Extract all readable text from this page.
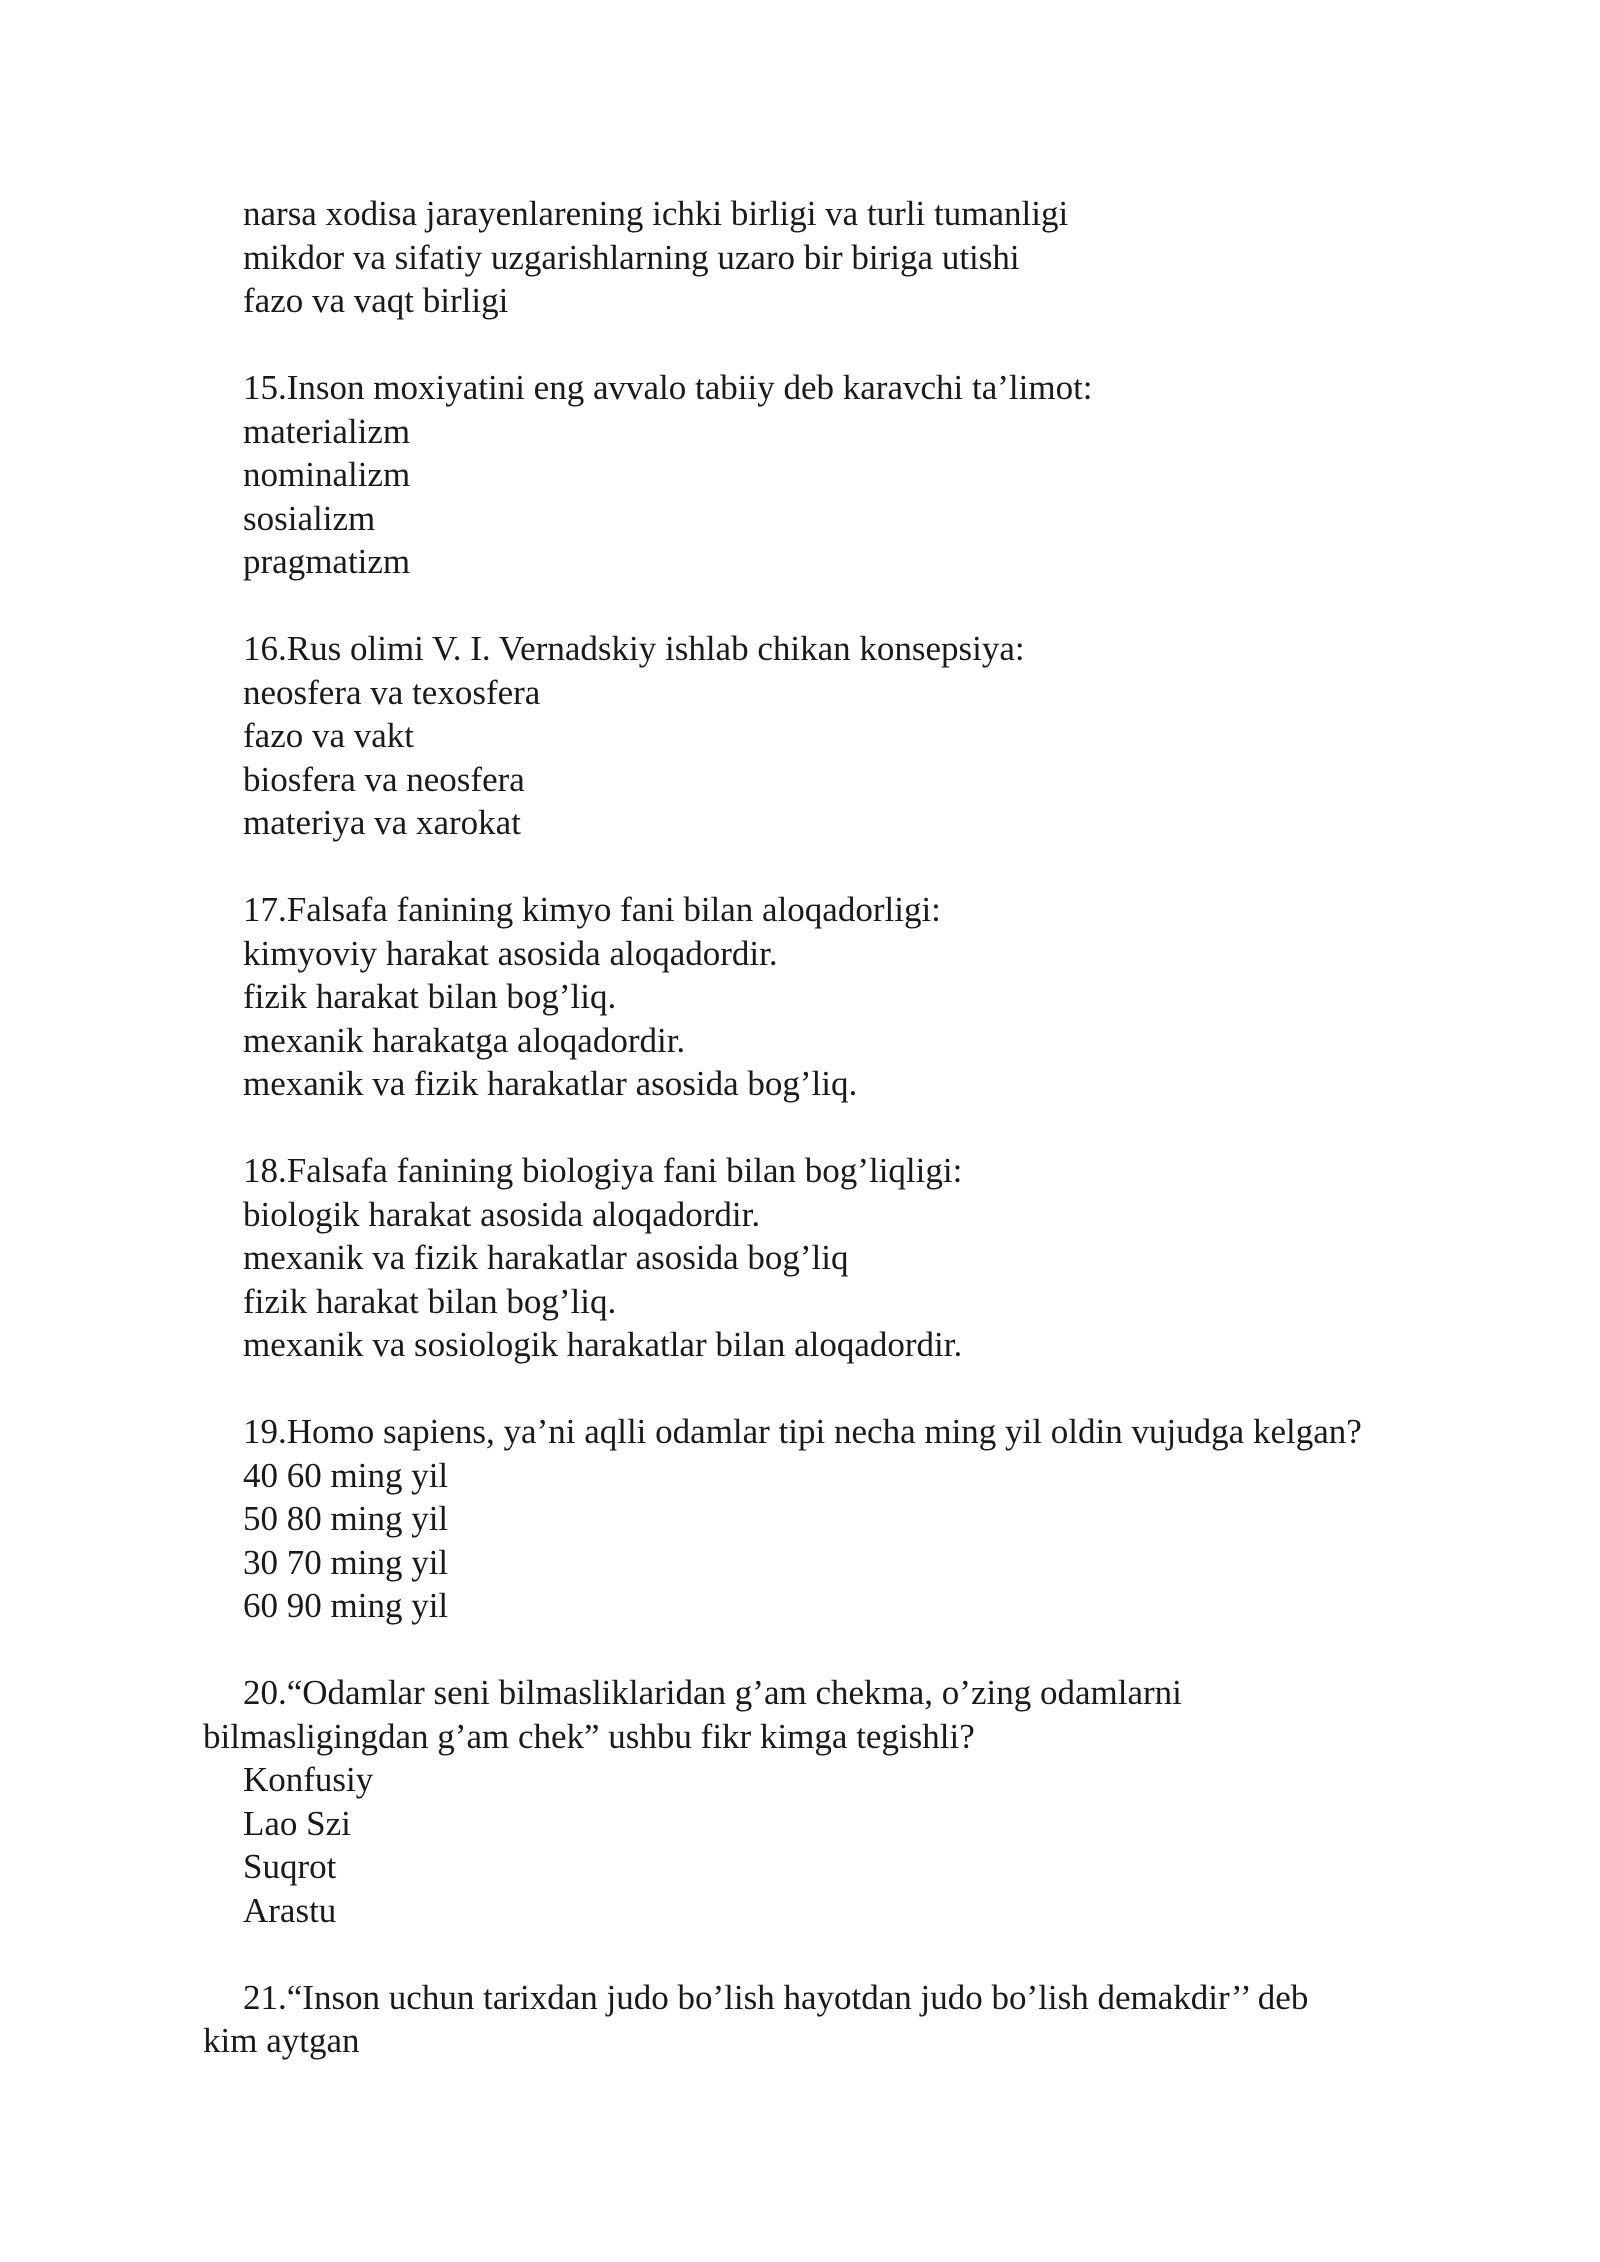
narsa xodisa jarayenlarening ichki birligi va turli tumanligi
mikdor va sifatiy uzgarishlarning uzaro bir biriga utishi
fazo va vaqt birligi
15.Inson moxiyatini eng avvalo tabiiy deb karavchi ta’limot:
materializm
nominalizm
sosializm
pragmatizm
16.Rus olimi V. I. Vernadskiy ishlab chikan konsepsiya:
neosfera va texosfera
fazo va vakt
biosfera va neosfera
materiya va xarokat
17.Falsafa fanining kimyo fani bilan aloqadorligi:
kimyoviy harakat asosida aloqadordir.
fizik harakat bilan bog’liq.
mexanik harakatga aloqadordir.
mexanik va fizik harakatlar asosida bog’liq.
18.Falsafa fanining biologiya fani bilan bog’liqligi:
biologik harakat asosida aloqadordir.
mexanik va fizik harakatlar asosida bog’liq
fizik harakat bilan bog’liq.
mexanik va sosiologik harakatlar bilan aloqadordir.
19.Homo sapiens, ya’ni aqlli odamlar tipi necha ming yil oldin vujudga kelgan?
40 60 ming yil
50 80 ming yil
30 70 ming yil
60 90 ming yil
20.“Odamlar seni bilmasliklaridan g’am chekma, o’zing odamlarni
bilmasligingdan g’am chek” ushbu fikr kimga tegishli?
Konfusiy
Lao Szi
Suqrot
Arastu
21.“Inson uchun tarixdan judo bo’lish hayotdan judo bo’lish demakdir’’ deb
kim aytgan
